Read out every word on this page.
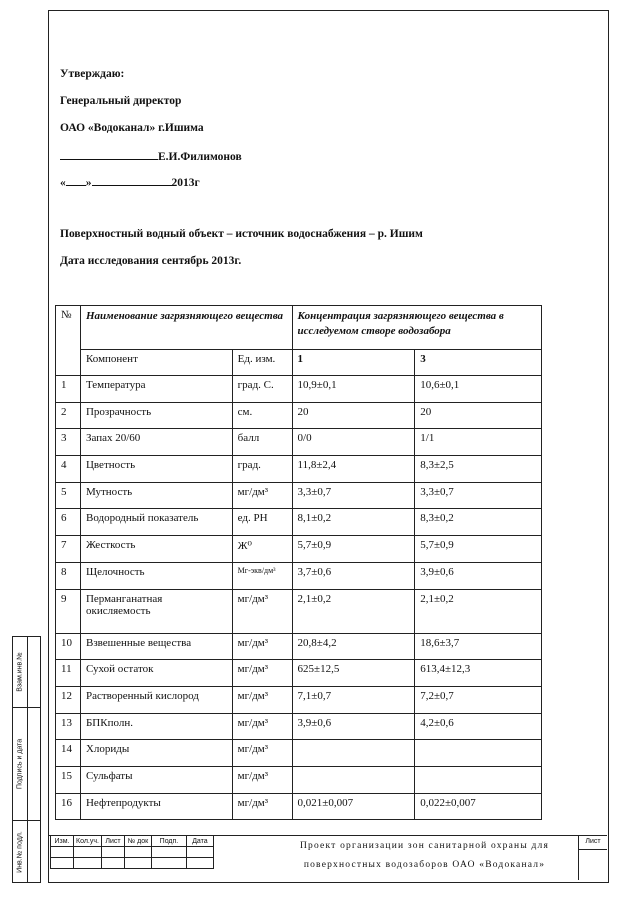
Утверждаю:
Генеральный директор
ОАО «Водоканал» г.Ишима
Е.И.Филимонов
« »	2013г
Поверхностный водный объект – источник водоснабжения – р. Ишим
Дата исследования сентябрь 2013г.
№	Наименование загрязняющего вещества		Концентрация загрязняющего вещества в исследуемом створе водозабора	
	Компонент	Ед. изм.	1	3
1	Температура	град. С.	10,9±0,1	10,6±0,1
2	Прозрачность	см.	20	20
3	Запах 20/60	балл	0/0	1/1
4	Цветность	град.	11,8±2,4	8,3±2,5
5	Мутность	мг/дм³	3,3±0,7	3,3±0,7
6	Водородный показатель	ед. РН	8,1±0,2	8,3±0,2
7	Жесткость	Ж⁰	5,7±0,9	5,7±0,9
8	Щелочность	Мг-экв/дм³	3,7±0,6	3,9±0,6
9	Перманганатная окисляемость	мг/дм³	2,1±0,2	2,1±0,2
10	Взвешенные вещества	мг/дм³	20,8±4,2	18,6±3,7
11	Сухой остаток	мг/дм³	625±12,5	613,4±12,3
12	Растворенный кислород	мг/дм³	7,1±0,7	7,2±0,7
13	БПКполн.	мг/дм³	3,9±0,6	4,2±0,6
14	Хлориды	мг/дм³		
15	Сульфаты	мг/дм³		
16	Нефтепродукты	мг/дм³	0,021±0,007	0,022±0,007
Взам.инв.№
Подпись и дата
Инв.№ подл.	Изм.	Кол.уч.	Лист	№ док	Подп.	Дата

						Проект организации зон санитарной охраны для
поверхностных водозаборов ОАО «Водоканал»
Лист
